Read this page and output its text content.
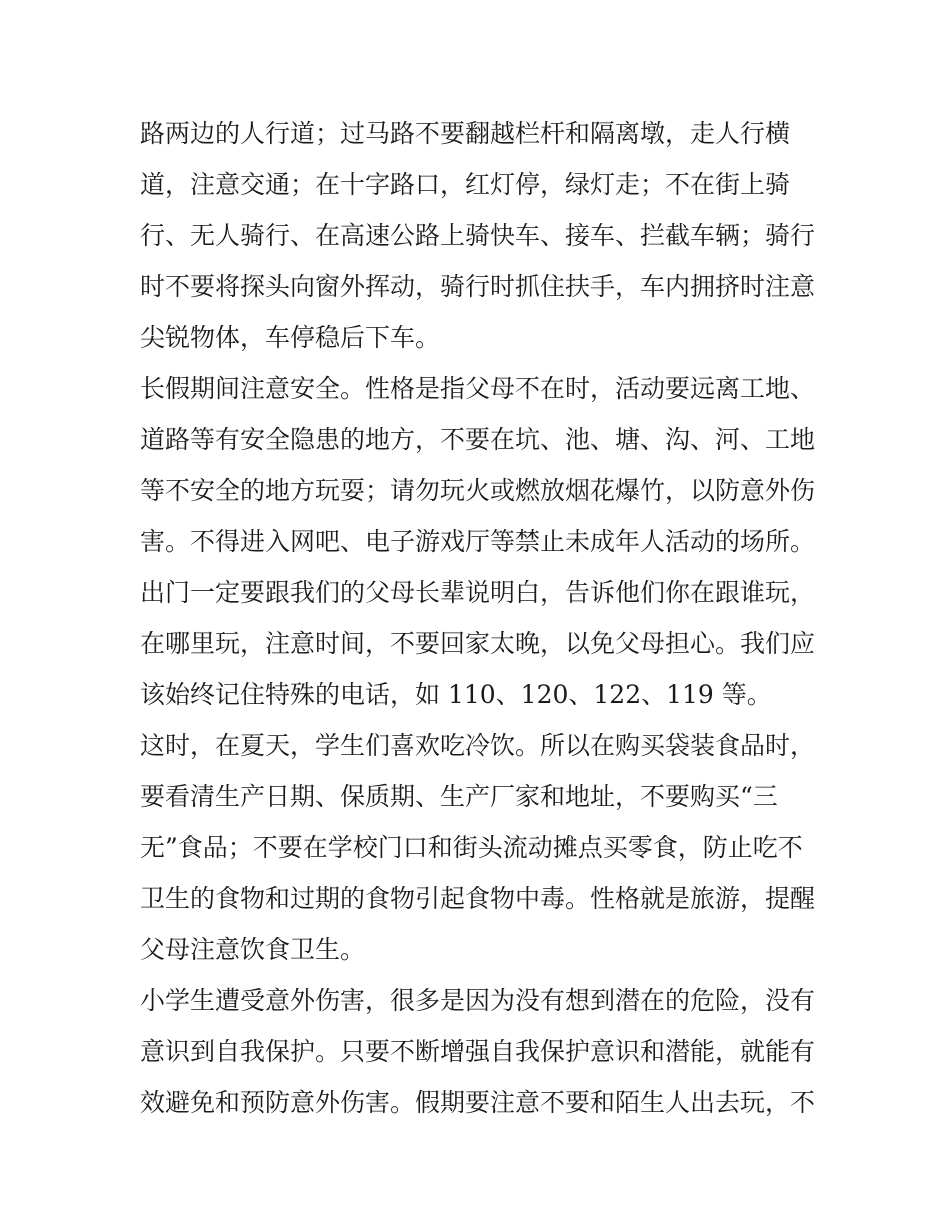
路两边的人行道；过马路不要翻越栏杆和隔离墩，走人行横
道，注意交通；在十字路口，红灯停，绿灯走；不在街上骑
行、无人骑行、在高速公路上骑快车、接车、拦截车辆；骑行
时不要将探头向窗外挥动，骑行时抓住扶手，车内拥挤时注意
尖锐物体，车停稳后下车。
长假期间注意安全。性格是指父母不在时，活动要远离工地、
道路等有安全隐患的地方，不要在坑、池、塘、沟、河、工地
等不安全的地方玩耍；请勿玩火或燃放烟花爆竹，以防意外伤
害。不得进入网吧、电子游戏厅等禁止未成年人活动的场所。
出门一定要跟我们的父母长辈说明白，告诉他们你在跟谁玩，
在哪里玩，注意时间，不要回家太晚，以免父母担心。我们应
该始终记住特殊的电话，如 110、120、122、119 等。
这时，在夏天，学生们喜欢吃冷饮。所以在购买袋装食品时，
要看清生产日期、保质期、生产厂家和地址，不要购买“三
无”食品；不要在学校门口和街头流动摊点买零食，防止吃不
卫生的食物和过期的食物引起食物中毒。性格就是旅游，提醒
父母注意饮食卫生。
小学生遭受意外伤害，很多是因为没有想到潜在的危险，没有
意识到自我保护。只要不断增强自我保护意识和潜能，就能有
效避免和预防意外伤害。假期要注意不要和陌生人出去玩，不
